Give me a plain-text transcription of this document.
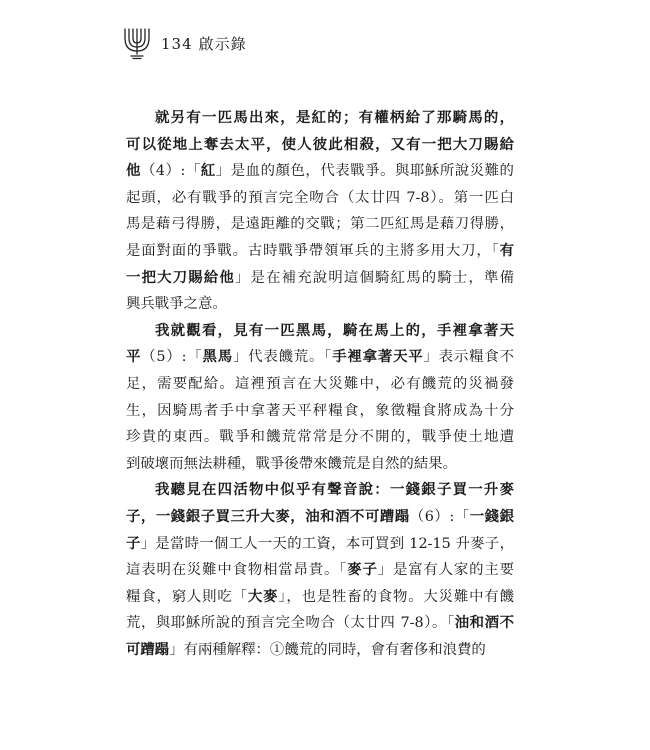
134 啟示錄
就另有一匹馬出來，是紅的；有權柄給了那騎馬的，
可以從地上奪去太平，使人彼此相殺，又有一把大刀賜給
他（4）:「紅」是血的顏色，代表戰爭。與耶穌所說災難的
起頭，必有戰爭的預言完全吻合（太廿四 7-8）。第一匹白
馬是藉弓得勝，是遠距離的交戰；第二匹紅馬是藉刀得勝，
是面對面的爭戰。古時戰爭帶領軍兵的主將多用大刀，「有
一把大刀賜給他」是在補充說明這個騎紅馬的騎士，準備
興兵戰爭之意。
我就觀看，見有一匹黑馬，騎在馬上的，手裡拿著天
平（5）:「黑馬」代表饑荒。「手裡拿著天平」表示糧食不
足，需要配給。這裡預言在大災難中，必有饑荒的災禍發
生，因騎馬者手中拿著天平秤糧食，象徵糧食將成為十分
珍貴的東西。戰爭和饑荒常常是分不開的，戰爭使土地遭
到破壞而無法耕種，戰爭後帶來饑荒是自然的結果。
我聽見在四活物中似乎有聲音說：一錢銀子買一升麥
子，一錢銀子買三升大麥，油和酒不可蹧蹋（6）:「一錢銀
子」是當時一個工人一天的工資，本可買到 12-15 升麥子，
這表明在災難中食物相當昂貴。「麥子」是富有人家的主要
糧食，窮人則吃「大麥」，也是牲畜的食物。大災難中有饑
荒，與耶穌所說的預言完全吻合（太廿四 7-8）。「油和酒不
可蹧蹋」有兩種解釋：①饑荒的同時，會有奢侈和浪費的
